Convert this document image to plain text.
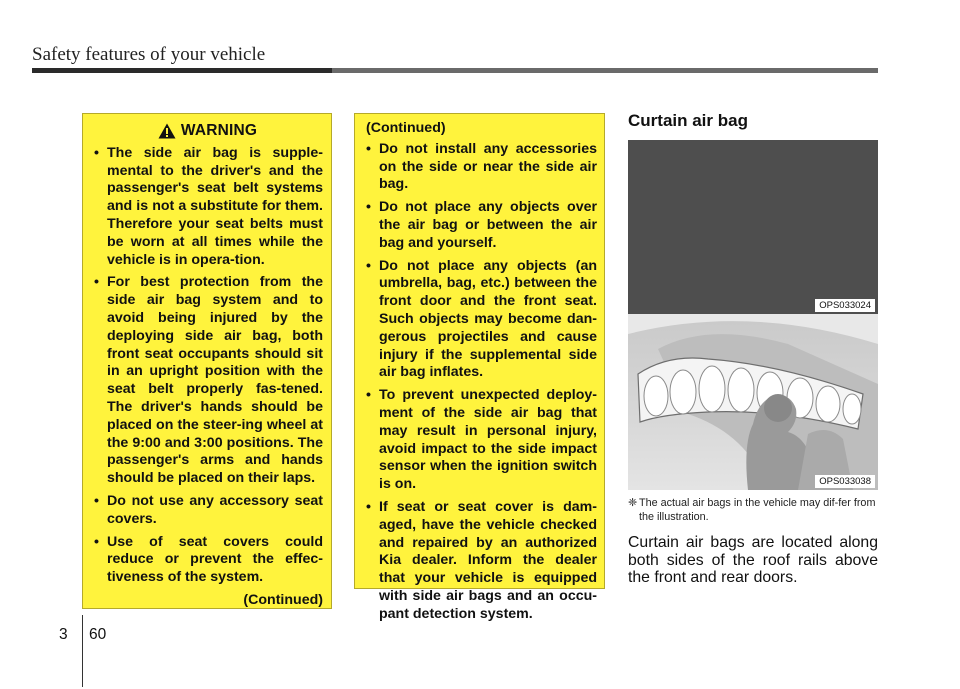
Safety features of your vehicle
WARNING
• The side air bag is supple-mental to the driver's and the passenger's seat belt systems and is not a substitute for them. Therefore your seat belts must be worn at all times while the vehicle is in opera-tion.
• For best protection from the side air bag system and to avoid being injured by the deploying side air bag, both front seat occupants should sit in an upright position with the seat belt properly fas-tened. The driver's hands should be placed on the steer-ing wheel at the 9:00 and 3:00 positions. The passenger's arms and hands should be placed on their laps.
• Do not use any accessory seat covers.
• Use of seat covers could reduce or prevent the effec-tiveness of the system.
(Continued)
(Continued)
• Do not install any accessories on the side or near the side air bag.
• Do not place any objects over the air bag or between the air bag and yourself.
• Do not place any objects (an umbrella, bag, etc.) between the front door and the front seat. Such objects may become dan-gerous projectiles and cause injury if the supplemental side air bag inflates.
• To prevent unexpected deploy-ment of the side air bag that may result in personal injury, avoid impact to the side impact sensor when the ignition switch is on.
• If seat or seat cover is dam-aged, have the vehicle checked and repaired by an authorized Kia dealer. Inform the dealer that your vehicle is equipped with side air bags and an occu-pant detection system.
Curtain air bag
OPS033024
OPS033038
❈ The actual air bags in the vehicle may dif-fer from the illustration.
Curtain air bags are located along both sides of the roof rails above the front and rear doors.
3 60
